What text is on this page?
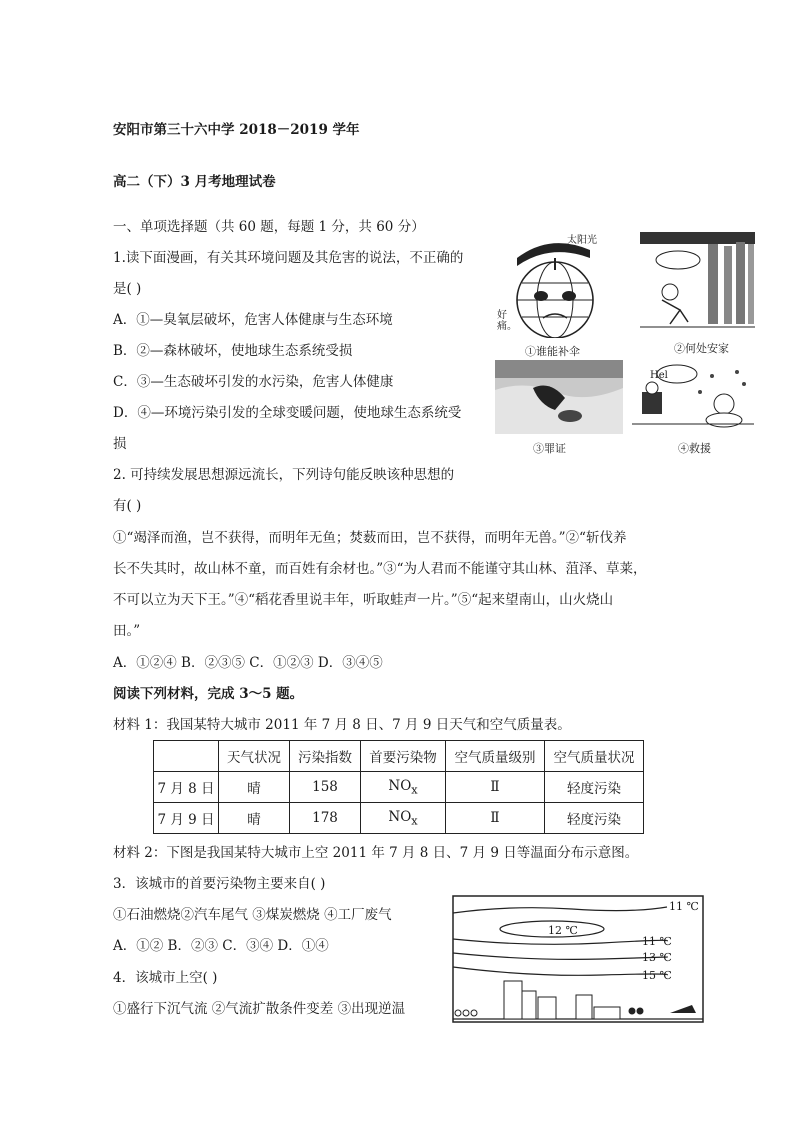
安阳市第三十六中学 2018－2019 学年
高二（下）3 月考地理试卷
一、单项选择题（共 60 题，每题 1 分，共 60 分）
1.读下面漫画，有关其环境问题及其危害的说法，不正确的
是( )
A．①—臭氧层破坏，危害人体健康与生态环境
B．②—森林破坏，使地球生态系统受损
C．③—生态破坏引发的水污染，危害人体健康
D．④—环境污染引发的全球变暖问题，使地球生态系统受
损
太阳光
好痛。
①谁能补伞	②何处安家
③罪证
Hel
④救援
2. 可持续发展思想源远流长，下列诗句能反映该种思想的
有( )
①“竭泽而渔，岂不获得，而明年无鱼；焚薮而田，岂不获得，而明年无兽。”②“斩伐养
长不失其时，故山林不童，而百姓有余材也。”③“为人君而不能谨守其山林、菹泽、草莱，
不可以立为天下王。”④“稻花香里说丰年，听取蛙声一片。”⑤“起来望南山，山火烧山
田。”
A．①②④ B．②③⑤ C．①②③ D．③④⑤
阅读下列材料，完成 3～5 题。
材料 1：我国某特大城市 2011 年 7 月 8 日、7 月 9 日天气和空气质量表。
	天气状况	污染指数	首要污染物	空气质量级别	空气质量状况
7 月 8 日	晴	158	$NO_x$	Ⅱ	轻度污染
7 月 9 日	晴	178	$NO_x$	Ⅱ	轻度污染
材料 2：下图是我国某特大城市上空 2011 年 7 月 8 日、7 月 9 日等温面分布示意图。
3．该城市的首要污染物主要来自( )
①石油燃烧②汽车尾气 ③煤炭燃烧 ④工厂废气
A．①② B．②③ C．③④ D．①④
4．该城市上空( )
①盛行下沉气流 ②气流扩散条件变差 ③出现逆温
11 ℃
12 ℃
11 ℃
13 ℃
15 ℃
